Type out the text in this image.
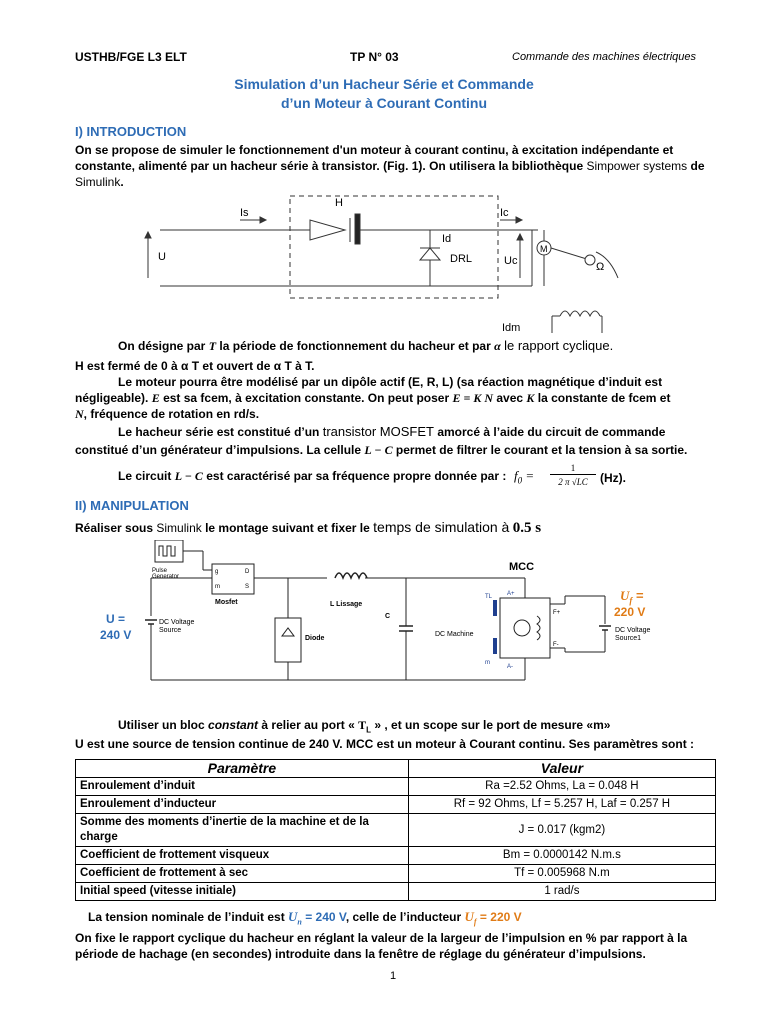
USTHB/FGE L3 ELT	TP N° 03	Commande des machines électriques
Simulation d’un Hacheur Série et Commande
d’un Moteur à Courant Continu
I) INTRODUCTION
On se propose de simuler le fonctionnement d'un moteur à courant continu, à excitation indépendante et constante, alimenté par un hacheur série à transistor. (Fig. 1). On utilisera la bibliothèque Simpower systems de Simulink.
H
Is	Ic
U
Id
DRL	Uc
M
Ω
Idm
On désigne par T la période de fonctionnement du hacheur et par α le rapport cyclique.
H est fermé de 0 à α T et ouvert de α T à T.
Le moteur pourra être modélisé par un dipôle actif (E, R, L) (sa réaction magnétique d’induit est
négligeable). E est sa fcem, à excitation constante. On peut poser E = K N avec K la constante de fcem et
N, fréquence de rotation en rd/s.
Le hacheur série est constitué d’un transistor MOSFET amorcé à l’aide du circuit de commande
constitué d’un générateur d’impulsions. La cellule L − C permet de filtrer le courant et la tension à sa sortie.
Le circuit L − C est caractérisé par sa fréquence propre donnée par : $f_0$ =	1
2 π √LC	(Hz).
II) MANIPULATION
Réaliser sous Simulink le montage suivant et fixer le temps de simulation à 0.5 s
Pulse
Generator
g
m
D
S
Mosfet
Diode
L Lissage
C
DC Machine
DC Voltage
Source	DC Voltage
Source1
A+
A-
TL
m
F+
F-
MCC
U =
240 V
$U_f$ =
220 V
Utiliser un bloc constant à relier au port « $T_L$ » , et un scope sur le port de mesure «m»
U est une source de tension continue de 240 V. MCC est un moteur à Courant continu. Ses paramètres sont :
Paramètre	Valeur
Enroulement d’induit	Ra =2.52 Ohms, La = 0.048 H
Enroulement d’inducteur	Rf = 92 Ohms, Lf = 5.257 H, Laf = 0.257 H
Somme des moments d’inertie de la machine et de la charge	J = 0.017 (kgm2)
Coefficient de frottement visqueux	Bm = 0.0000142 N.m.s
Coefficient de frottement à sec	Tf = 0.005968 N.m
Initial speed (vitesse initiale)	1 rad/s
La tension nominale de l’induit est $U_n = 240$ V, celle de l’inducteur $U_f = 220$ V
On fixe le rapport cyclique du hacheur en réglant la valeur de la largeur de l’impulsion en % par rapport à la
période de hachage (en secondes) introduite dans la fenêtre de réglage du générateur d’impulsions.
1
